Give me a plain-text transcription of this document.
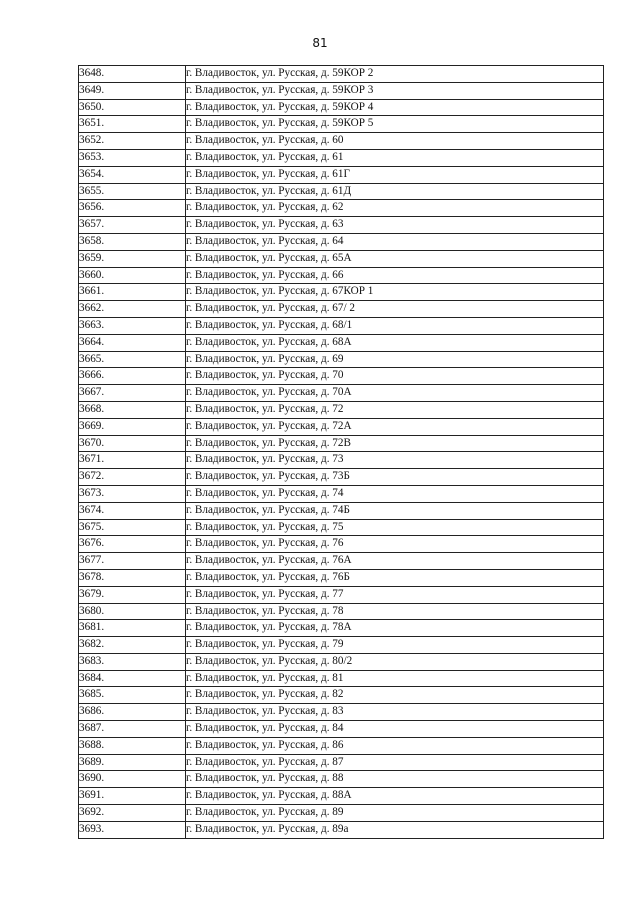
81
3648.	г. Владивосток, ул. Русская, д. 59КОР 2
3649.	г. Владивосток, ул. Русская, д. 59КОР 3
3650.	г. Владивосток, ул. Русская, д. 59КОР 4
3651.	г. Владивосток, ул. Русская, д. 59КОР 5
3652.	г. Владивосток, ул. Русская, д. 60
3653.	г. Владивосток, ул. Русская, д. 61
3654.	г. Владивосток, ул. Русская, д. 61Г
3655.	г. Владивосток, ул. Русская, д. 61Д
3656.	г. Владивосток, ул. Русская, д. 62
3657.	г. Владивосток, ул. Русская, д. 63
3658.	г. Владивосток, ул. Русская, д. 64
3659.	г. Владивосток, ул. Русская, д. 65А
3660.	г. Владивосток, ул. Русская, д. 66
3661.	г. Владивосток, ул. Русская, д. 67КОР 1
3662.	г. Владивосток, ул. Русская, д. 67/ 2
3663.	г. Владивосток, ул. Русская, д. 68/1
3664.	г. Владивосток, ул. Русская, д. 68А
3665.	г. Владивосток, ул. Русская, д. 69
3666.	г. Владивосток, ул. Русская, д. 70
3667.	г. Владивосток, ул. Русская, д. 70А
3668.	г. Владивосток, ул. Русская, д. 72
3669.	г. Владивосток, ул. Русская, д. 72А
3670.	г. Владивосток, ул. Русская, д. 72В
3671.	г. Владивосток, ул. Русская, д. 73
3672.	г. Владивосток, ул. Русская, д. 73Б
3673.	г. Владивосток, ул. Русская, д. 74
3674.	г. Владивосток, ул. Русская, д. 74Б
3675.	г. Владивосток, ул. Русская, д. 75
3676.	г. Владивосток, ул. Русская, д. 76
3677.	г. Владивосток, ул. Русская, д. 76А
3678.	г. Владивосток, ул. Русская, д. 76Б
3679.	г. Владивосток, ул. Русская, д. 77
3680.	г. Владивосток, ул. Русская, д. 78
3681.	г. Владивосток, ул. Русская, д. 78А
3682.	г. Владивосток, ул. Русская, д. 79
3683.	г. Владивосток, ул. Русская, д. 80/2
3684.	г. Владивосток, ул. Русская, д. 81
3685.	г. Владивосток, ул. Русская, д. 82
3686.	г. Владивосток, ул. Русская, д. 83
3687.	г. Владивосток, ул. Русская, д. 84
3688.	г. Владивосток, ул. Русская, д. 86
3689.	г. Владивосток, ул. Русская, д. 87
3690.	г. Владивосток, ул. Русская, д. 88
3691.	г. Владивосток, ул. Русская, д. 88А
3692.	г. Владивосток, ул. Русская, д. 89
3693.	г. Владивосток, ул. Русская, д. 89а
